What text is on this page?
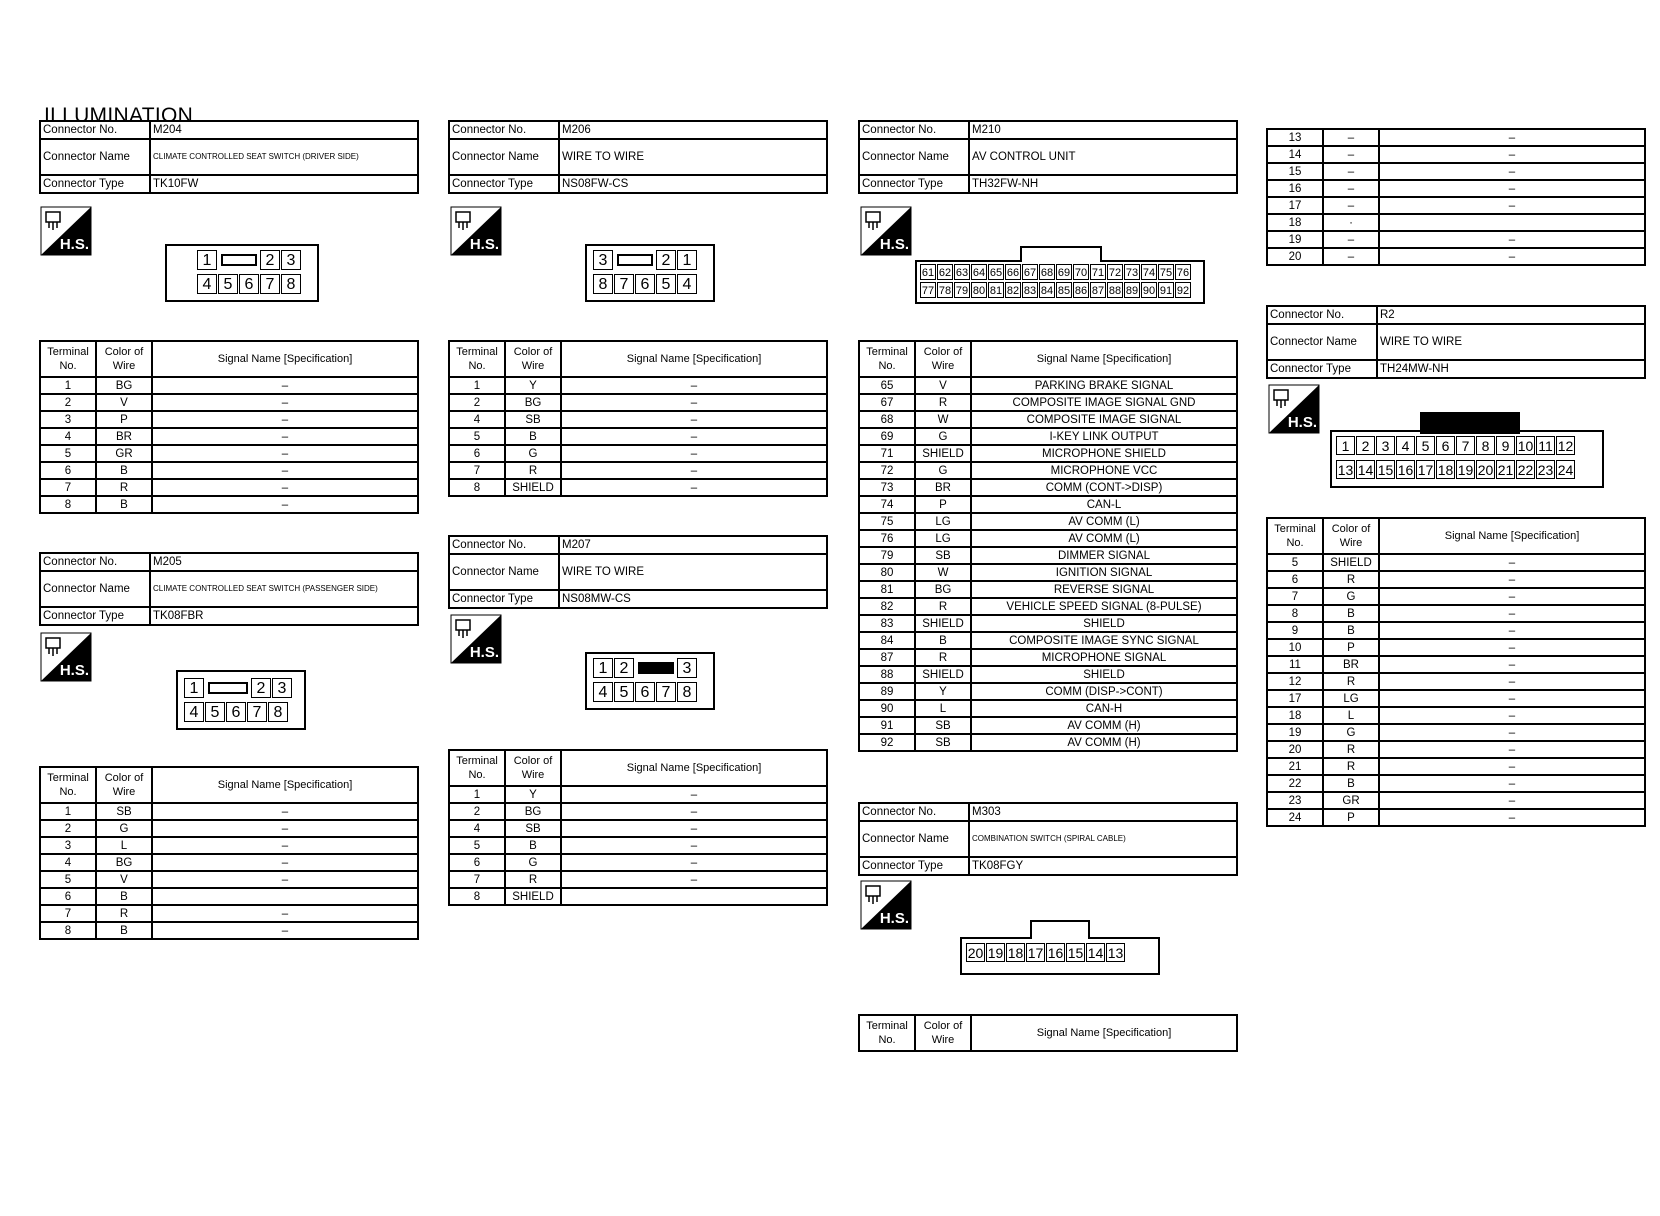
ILLUMINATION
Connector No.	M204
Connector Name	CLIMATE CONTROLLED SEAT SWITCH (DRIVER SIDE)
Connector Type	TK10FW
H.S.
1	2 3
4 5 6 7 8
Terminal No.	Color of Wire	Signal Name [Specification]
1	BG	–
2	V	–
3	P	–
4	BR	–
5	GR	–
6	B	–
7	R	–
8	B	–
Connector No.	M205
Connector Name	CLIMATE CONTROLLED SEAT SWITCH (PASSENGER SIDE)
Connector Type	TK08FBR
H.S.
1	2 3
4 5 6 7 8
Terminal No.	Color of Wire	Signal Name [Specification]
1	SB	–
2	G	–
3	L	–
4	BG	–
5	V	–
6	B	
7	R	–
8	B	–
Connector No.	M206
Connector Name	WIRE TO WIRE
Connector Type	NS08FW-CS
H.S.
3	2 1
8 7 6 5 4
Terminal No.	Color of Wire	Signal Name [Specification]
1	Y	–
2	BG	–
4	SB	–
5	B	–
6	G	–
7	R	–
8	SHIELD	–
Connector No.	M207
Connector Name	WIRE TO WIRE
Connector Type	NS08MW-CS
H.S.
1 2	3
4 5 6 7 8
Terminal No.	Color of Wire	Signal Name [Specification]
1	Y	–
2	BG	–
4	SB	–
5	B	–
6	G	–
7	R	–
8	SHIELD	
Connector No.	M210
Connector Name	AV CONTROL UNIT
Connector Type	TH32FW-NH
H.S.
61 62 63 64 65 66 67 68 69 70 71 72 73 74 75 76
77 78 79 80 81 82 83 84 85 86 87 88 89 90 91 92
Terminal No.	Color of Wire	Signal Name [Specification]
65	V	PARKING BRAKE SIGNAL
67	R	COMPOSITE IMAGE SIGNAL GND
68	W	COMPOSITE IMAGE SIGNAL
69	G	I-KEY LINK OUTPUT
71	SHIELD	MICROPHONE SHIELD
72	G	MICROPHONE VCC
73	BR	COMM (CONT->DISP)
74	P	CAN-L
75	LG	AV COMM (L)
76	LG	AV COMM (L)
79	SB	DIMMER SIGNAL
80	W	IGNITION SIGNAL
81	BG	REVERSE SIGNAL
82	R	VEHICLE SPEED SIGNAL (8-PULSE)
83	SHIELD	SHIELD
84	B	COMPOSITE IMAGE SYNC SIGNAL
87	R	MICROPHONE SIGNAL
88	SHIELD	SHIELD
89	Y	COMM (DISP->CONT)
90	L	CAN-H
91	SB	AV COMM (H)
92	SB	AV COMM (H)
Connector No.	M303
Connector Name	COMBINATION SWITCH (SPIRAL CABLE)
Connector Type	TK08FGY
H.S.
20 19 18 17 16 15 14 13
Terminal No.	Color of Wire	Signal Name [Specification]
13	–	–
14	–	–
15	–	–
16	–	–
17	–	–
18	·	
19	–	–
20	–	–
Connector No.	R2
Connector Name	WIRE TO WIRE
Connector Type	TH24MW-NH
H.S.
1 2 3 4 5 6 7 8 9 10 11 12
13 14 15 16 17 18 19 20 21 22 23 24
Terminal No.	Color of Wire	Signal Name [Specification]
5	SHIELD	–
6	R	–
7	G	–
8	B	–
9	B	–
10	P	–
11	BR	–
12	R	–
17	LG	–
18	L	–
19	G	–
20	R	–
21	R	–
22	B	–
23	GR	–
24	P	–
